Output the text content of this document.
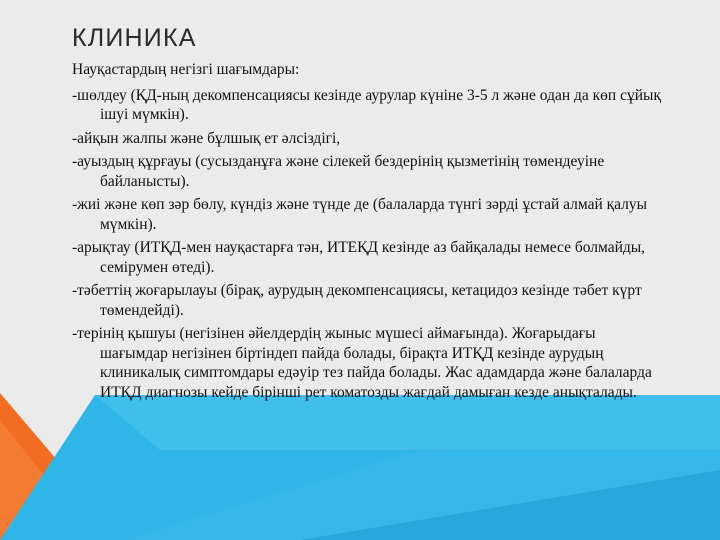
КЛИНИКА

Науқастардың негізгі шағымдары:

-шөлдеу (ҚД-ның декомпенсациясы кезінде аурулар күніне 3-5 л және одан да көп сұйық ішуі мүмкін).

-айқын жалпы және бұлшық ет әлсіздігі,

-ауыздың құрғауы (сусызданұға және сілекей бездерінің қызметінің төмендеуіне байланысты).

-жиі және көп зәр бөлу, күндіз және түнде де (балаларда түнгі зәрді ұстай алмай қалуы мүмкін).

-арықтау (ИТҚД-мен науқастарға тән, ИТЕҚД кезінде аз байқалады немесе болмайды, семірумен өтеді).

-тәбеттің жоғарылауы (бірақ, аурудың декомпенсациясы, кетацидоз кезінде тәбет күрт төмендейді).

-терінің қышуы (негізінен әйелдердің жыныс мүшесі аймағында). Жоғарыдағы шағымдар негізінен біртіндеп пайда болады, бірақта ИТҚД кезінде аурудың клиникалық симптомдары едәуір тез пайда болады. Жас адамдарда және балаларда ИТҚД диагнозы кейде бірінші рет коматозды жағдай дамыған кезде анықталады.
